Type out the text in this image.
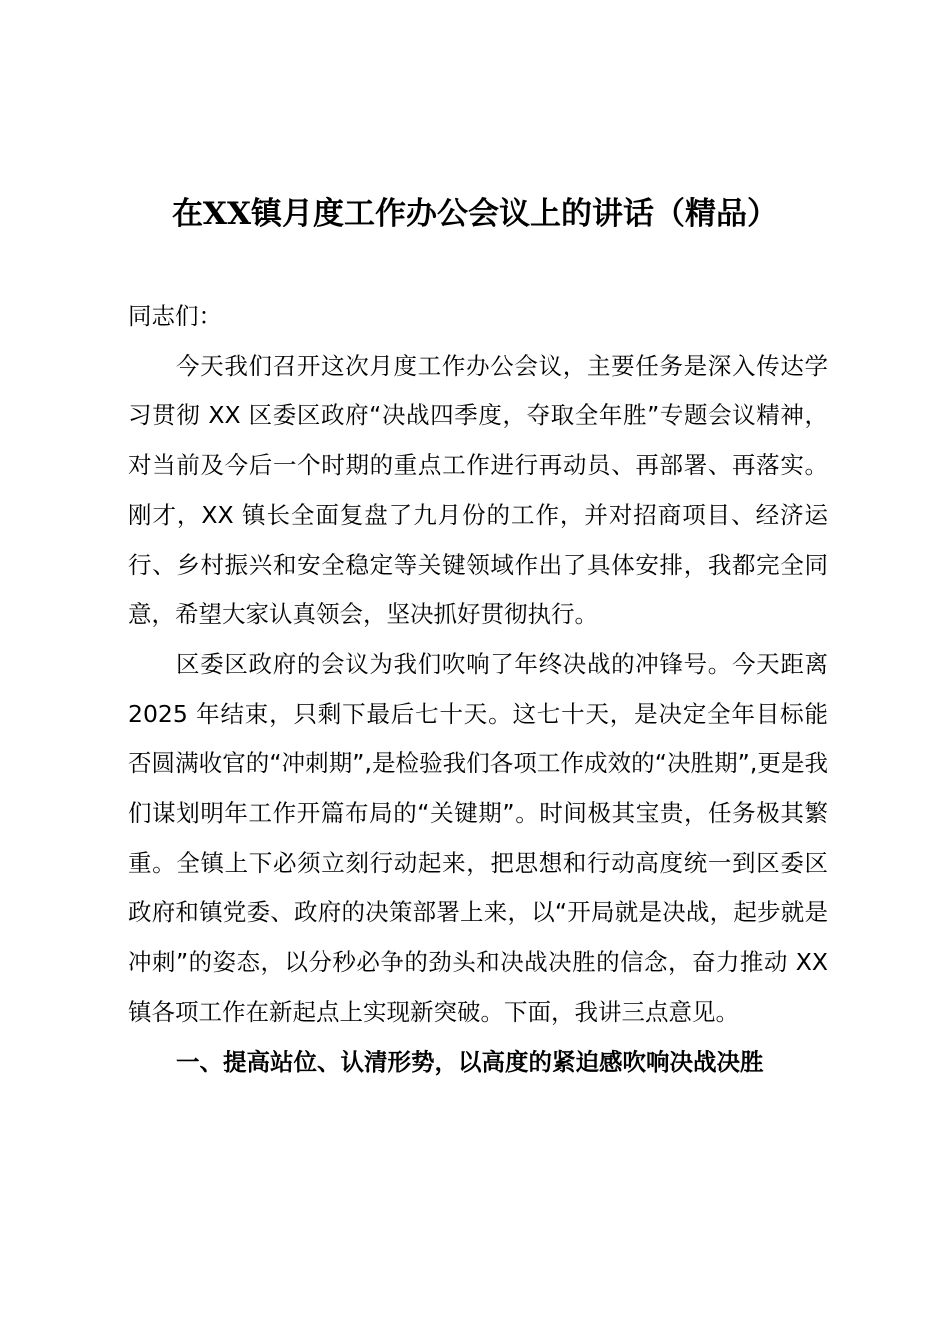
在XX镇月度工作办公会议上的讲话（精品）

同志们：

今天我们召开这次月度工作办公会议，主要任务是深入传达学习贯彻 XX 区委区政府“决战四季度，夺取全年胜”专题会议精神，对当前及今后一个时期的重点工作进行再动员、再部署、再落实。刚才，XX 镇长全面复盘了九月份的工作，并对招商项目、经济运行、乡村振兴和安全稳定等关键领域作出了具体安排，我都完全同意，希望大家认真领会，坚决抓好贯彻执行。

区委区政府的会议为我们吹响了年终决战的冲锋号。今天距离 2025 年结束，只剩下最后七十天。这七十天，是决定全年目标能否圆满收官的“冲刺期”,是检验我们各项工作成效的“决胜期”,更是我们谋划明年工作开篇布局的“关键期”。时间极其宝贵，任务极其繁重。全镇上下必须立刻行动起来，把思想和行动高度统一到区委区政府和镇党委、政府的决策部署上来，以“开局就是决战，起步就是冲刺”的姿态，以分秒必争的劲头和决战决胜的信念，奋力推动 XX 镇各项工作在新起点上实现新突破。下面，我讲三点意见。

一、提高站位、认清形势，以高度的紧迫感吹响决战决胜
